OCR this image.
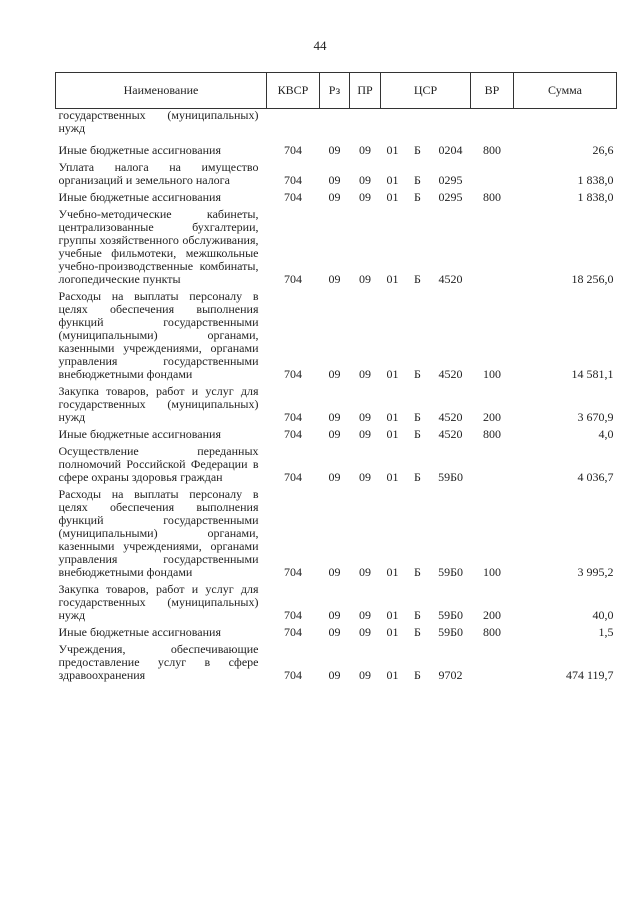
44
Наименование	КВСР	Рз	ПР	ЦСР			ВР	Сумма
государственных (муниципальных) нужд								
Иные бюджетные ассигнования	704	09	09	01	Б	0204	800	26,6
Уплата налога на имущество организаций и земельного налога	704	09	09	01	Б	0295		1 838,0
Иные бюджетные ассигнования	704	09	09	01	Б	0295	800	1 838,0
Учебно-методические кабинеты, централизованные бухгалтерии, группы хозяйственного обслуживания, учебные фильмотеки, межшкольные учебно-производственные комбинаты, логопедические пункты	704	09	09	01	Б	4520		18 256,0
Расходы на выплаты персоналу в целях обеспечения выполнения функций государственными (муниципальными) органами, казенными учреждениями, органами управления государственными внебюджетными фондами	704	09	09	01	Б	4520	100	14 581,1
Закупка товаров, работ и услуг для государственных (муниципальных) нужд	704	09	09	01	Б	4520	200	3 670,9
Иные бюджетные ассигнования	704	09	09	01	Б	4520	800	4,0
Осуществление переданных полномочий Российской Федерации в сфере охраны здоровья граждан	704	09	09	01	Б	59Б0		4 036,7
Расходы на выплаты персоналу в целях обеспечения выполнения функций государственными (муниципальными) органами, казенными учреждениями, органами управления государственными внебюджетными фондами	704	09	09	01	Б	59Б0	100	3 995,2
Закупка товаров, работ и услуг для государственных (муниципальных) нужд	704	09	09	01	Б	59Б0	200	40,0
Иные бюджетные ассигнования	704	09	09	01	Б	59Б0	800	1,5
Учреждения, обеспечивающие предоставление услуг в сфере здравоохранения	704	09	09	01	Б	9702		474 119,7
